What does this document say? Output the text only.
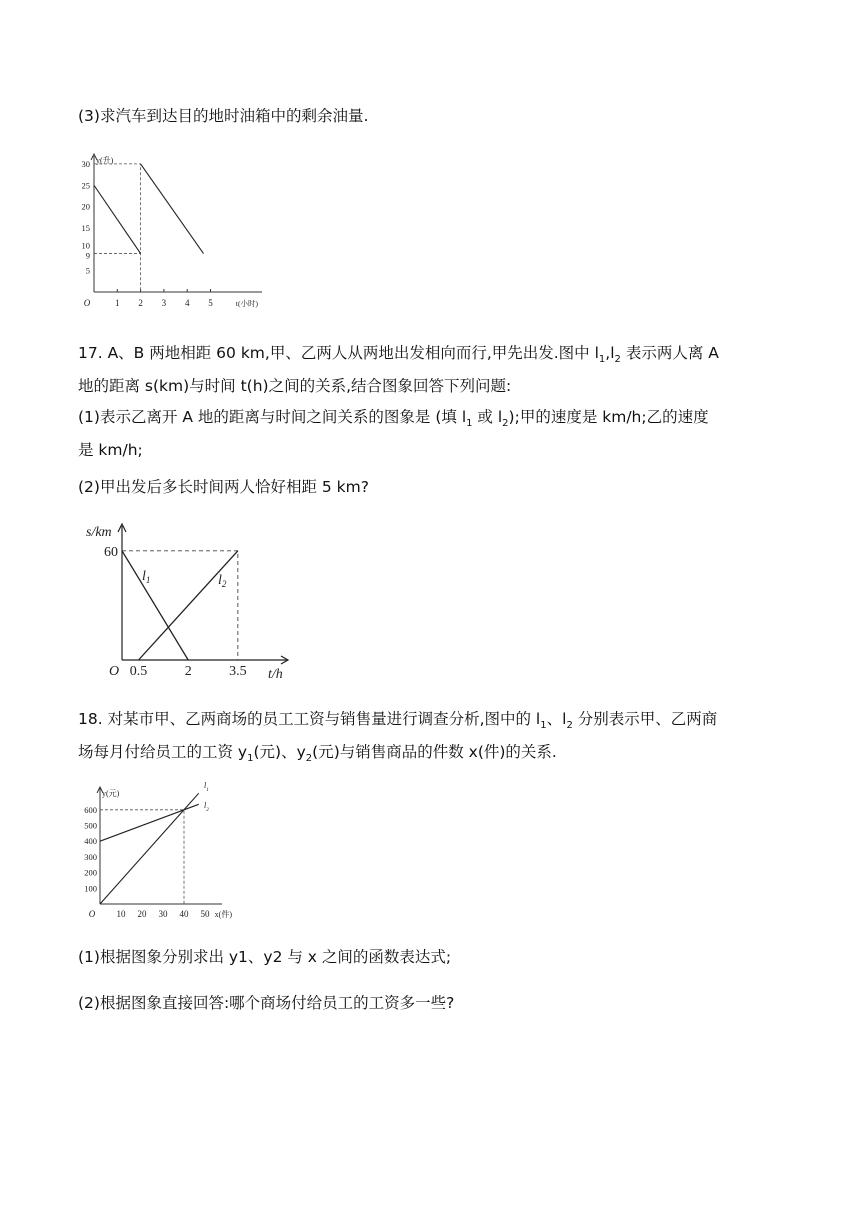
(3)求汽车到达目的地时油箱中的剩余油量.

y(升)
O	t(小时)
1 2 3 4 5
5
9
10
15
20
25
30

17. A、B 两地相距 60 km,甲、乙两人从两地出发相向而行,甲先出发.图中 $l_1,l_2$ 表示两人离 A
地的距离 s(km)与时间 t(h)之间的关系,结合图象回答下列问题:

(1)表示乙离开 A 地的距离与时间之间关系的图象是 (填 $l_1$ 或 $l_2$);甲的速度是 km/h;乙的速度
是 km/h;

(2)甲出发后多长时间两人恰好相距 5 km?

s/km
t/h
O 0.5	2	3.5
60
$l_1$	$l_2$

18. 对某市甲、乙两商场的员工工资与销售量进行调查分析,图中的 $l_1$、$l_2$ 分别表示甲、乙两商
场每月付给员工的工资 $y_1$(元)、$y_2$(元)与销售商品的件数 x(件)的关系.

y(元)
O	x(件)
10 20 30 40 50
100
200
300
400
500
600
$l_1$
$l_2$

(1)根据图象分别求出 y1、y2 与 x 之间的函数表达式;

(2)根据图象直接回答:哪个商场付给员工的工资多一些?
